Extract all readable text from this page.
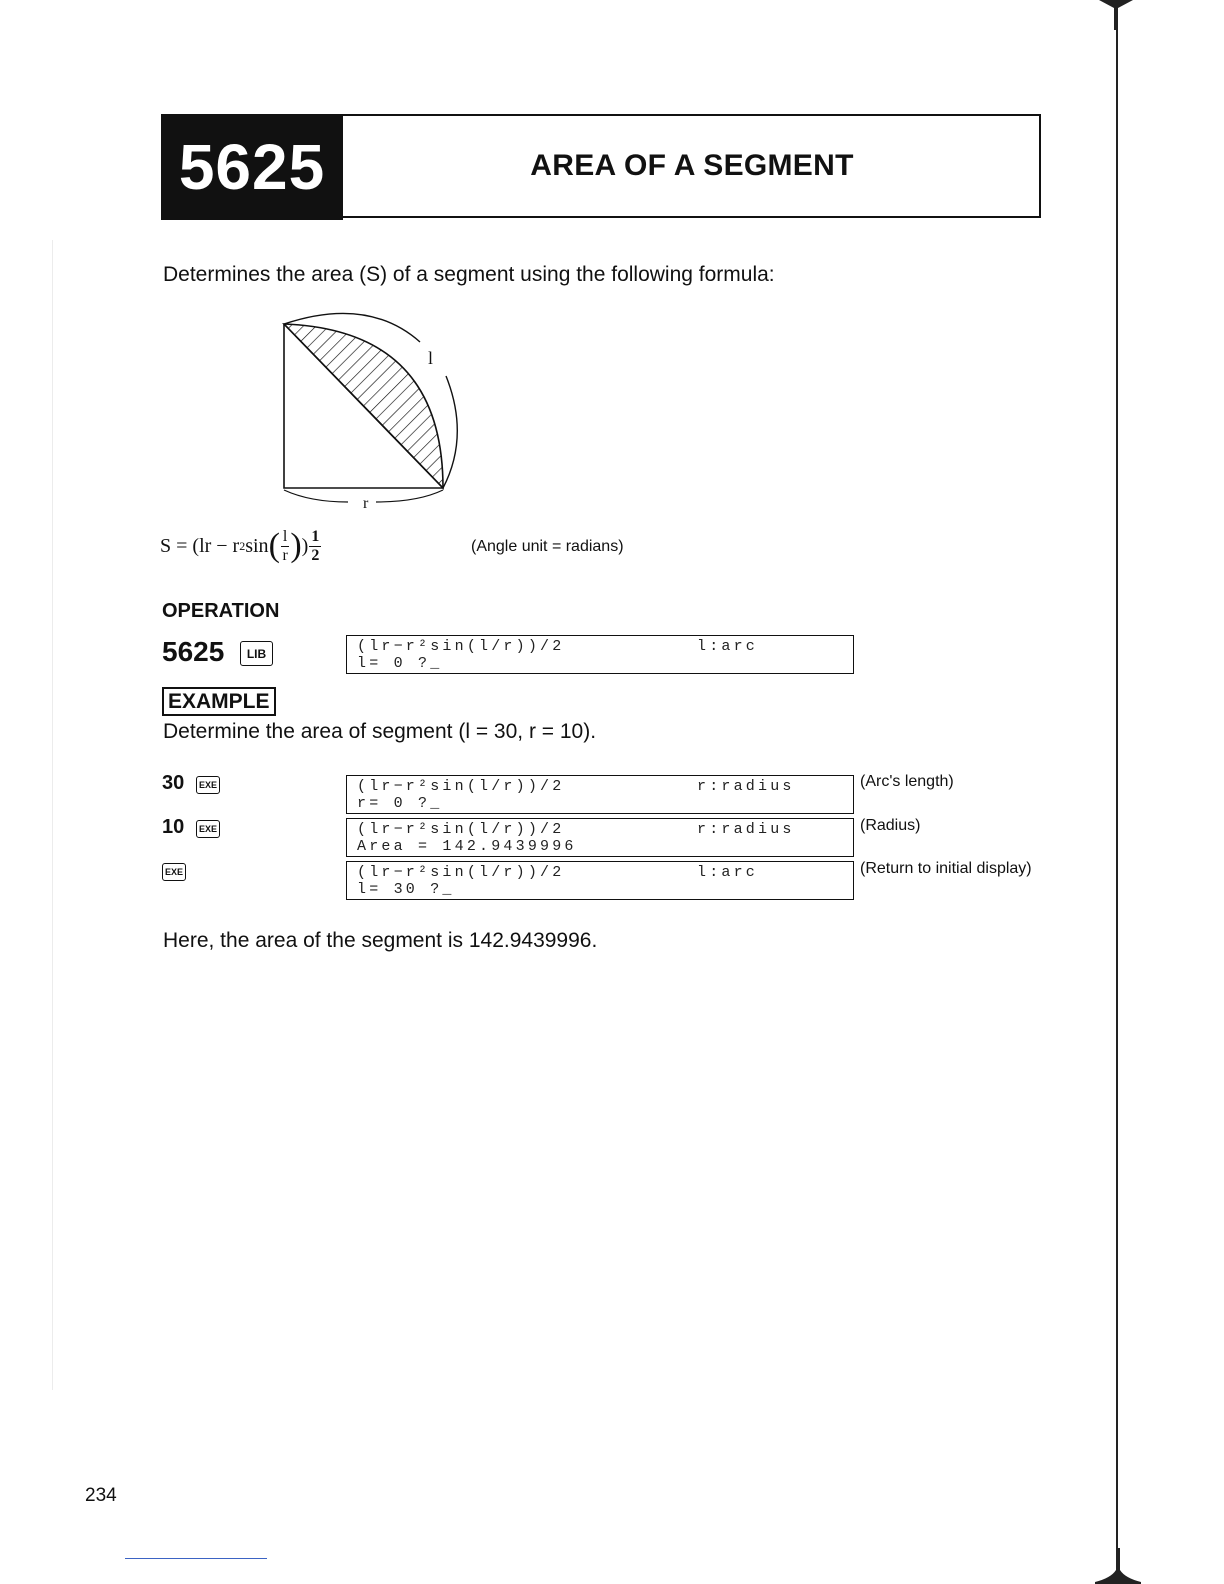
5625	AREA OF A SEGMENT
Determines the area (S) of a segment using the following formula:
l
r
S = (lr − r 2 sin ( $\frac{l}{r}$ ) ) $\frac{1}{2}$	(Angle unit = radians)
OPERATION
5625	LIB	(lr−r²sin(l/r))/2	l:arc
l= 0 ?_
EXAMPLE
Determine the area of segment (l = 30, r = 10).
30	EXE	(lr−r²sin(l/r))/2	r:radius
r= 0 ?_
(Arc's length)
10	EXE	(lr−r²sin(l/r))/2	r:radius
Area = 142.9439996
(Radius)
EXE	(lr−r²sin(l/r))/2	l:arc
l= 30 ?_
(Return to initial display)
Here, the area of the segment is 142.9439996.
234
